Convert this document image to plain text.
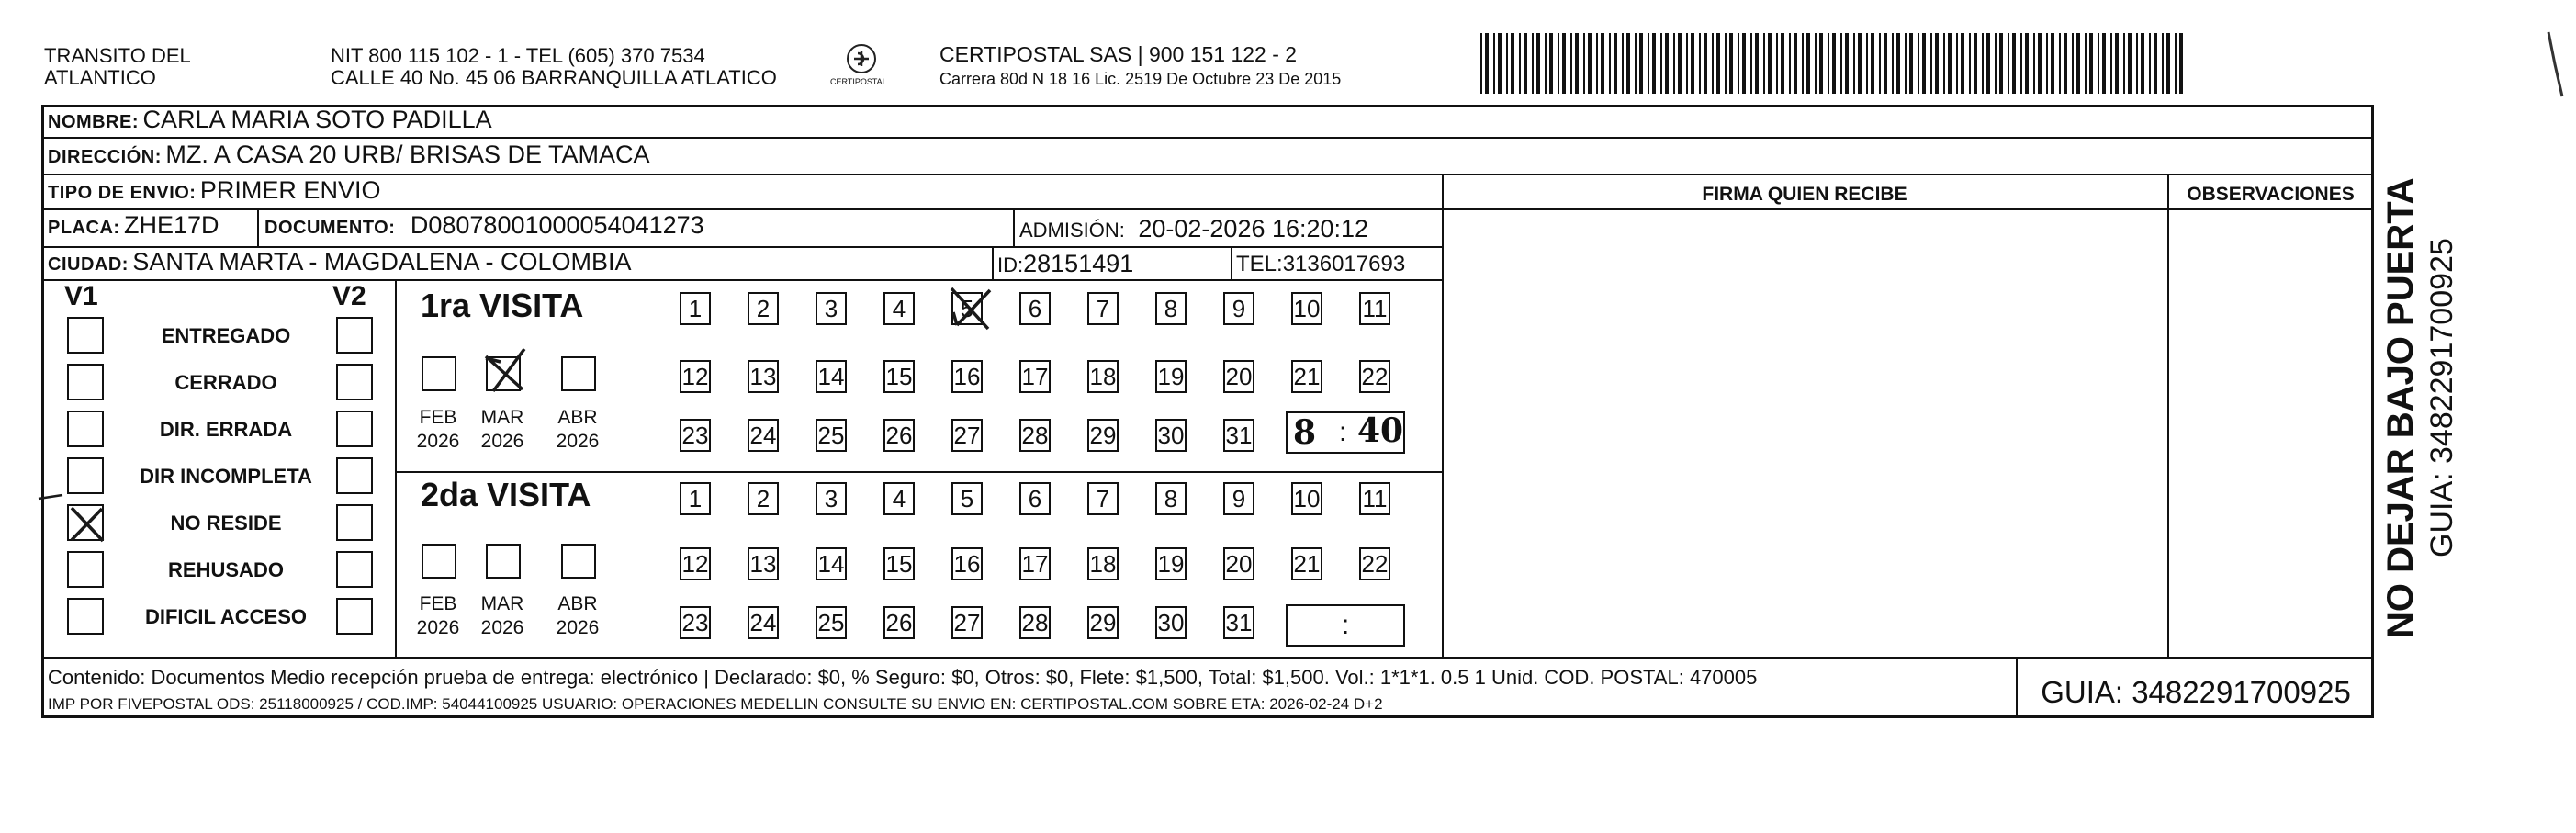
TRANSITO DEL
ATLANTICO
NIT 800 115 102 - 1 - TEL (605) 370 7534
CALLE 40 No. 45 06 BARRANQUILLA ATLATICO	CERTIPOSTAL
CERTIPOSTAL SAS | 900 151 122 - 2
Carrera 80d N 18 16 Lic. 2519 De Octubre 23 De 2015
NOMBRE: CARLA MARIA SOTO PADILLA
DIRECCIÓN: MZ. A CASA 20 URB/ BRISAS DE TAMACA
TIPO DE ENVIO: PRIMER ENVIO
PLACA: ZHE17D DOCUMENTO: D08078001000054041273	ADMISIÓN: 20-02-2026 16:20:12
CIUDAD: SANTA MARTA - MAGDALENA - COLOMBIA	ID:28151491	TEL:3136017693
FIRMA QUIEN RECIBE	OBSERVACIONES
V1	V2
ENTREGADO
CERRADO
DIR. ERRADA
DIR INCOMPLETA
NO RESIDE
REHUSADO
DIFICIL ACCESO
1ra VISITA
FEB
2026
MAR
2026
ABR
2026
1	2	3	4	5	6	7	8	9	10 11
12 13 14 15 16 17 18 19 20 21 22
23 24 25 26 27 28 29 30 31 8 : 40
2da VISITA
FEB
2026
MAR
2026
ABR
2026
1	2	3	4	5	6	7	8	9	10 11
12 13 14 15 16 17 18 19 20 21 22
23 24 25 26 27 28 29 30 31	:
Contenido: Documentos Medio recepción prueba de entrega: electrónico | Declarado: $0, % Seguro: $0, Otros: $0, Flete: $1,500, Total: $1,500. Vol.: 1*1*1. 0.5 1 Unid. COD. POSTAL: 470005
IMP POR FIVEPOSTAL ODS: 25118000925 / COD.IMP: 54044100925 USUARIO: OPERACIONES MEDELLIN CONSULTE SU ENVIO EN: CERTIPOSTAL.COM SOBRE ETA: 2026-02-24 D+2	GUIA: 3482291700925
NO DEJAR BAJO PUERTA GUIA: 3482291700925
